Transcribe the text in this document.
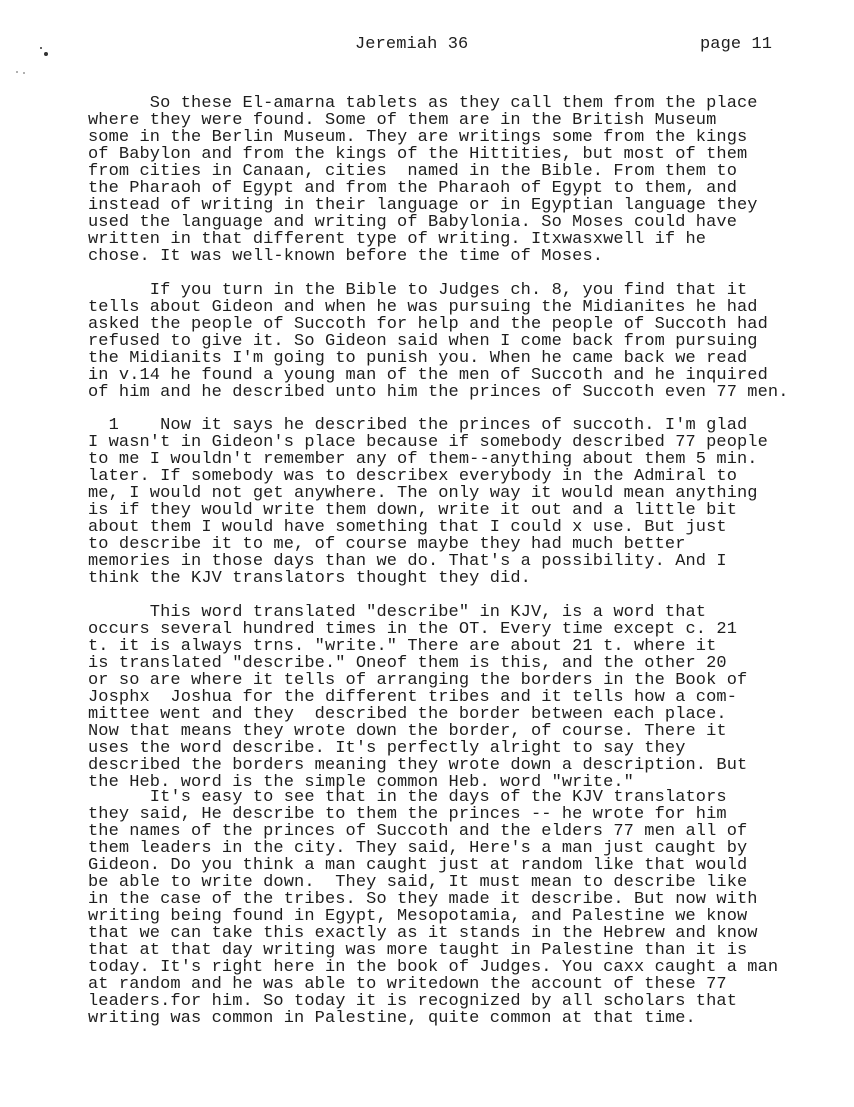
Jeremiah 36	page 11
So these El-amarna tablets as they call them from the place
where they were found. Some of them are in the British Museum
some in the Berlin Museum. They are writings some from the kings
of Babylon and from the kings of the Hittities, but most of them
from cities in Canaan, cities  named in the Bible. From them to
the Pharaoh of Egypt and from the Pharaoh of Egypt to them, and
instead of writing in their language or in Egyptian language they
used the language and writing of Babylonia. So Moses could have
written in that different type of writing. Itxwasxwell if he
chose. It was well-known before the time of Moses.
If you turn in the Bible to Judges ch. 8, you find that it
tells about Gideon and when he was pursuing the Midianites he had
asked the people of Succoth for help and the people of Succoth had
refused to give it. So Gideon said when I come back from pursuing
the Midianits I'm going to punish you. When he came back we read
in v.14 he found a young man of the men of Succoth and he inquired
of him and he described unto him the princes of Succoth even 77 men.
1    Now it says he described the princes of succoth. I'm glad
I wasn't in Gideon's place because if somebody described 77 people
to me I wouldn't remember any of them--anything about them 5 min.
later. If somebody was to describex everybody in the Admiral to
me, I would not get anywhere. The only way it would mean anything
is if they would write them down, write it out and a little bit
about them I would have something that I could x use. But just
to describe it to me, of course maybe they had much better
memories in those days than we do. That's a possibility. And I
think the KJV translators thought they did.
This word translated "describe" in KJV, is a word that
occurs several hundred times in the OT. Every time except c. 21
t. it is always trns. "write." There are about 21 t. where it
is translated "describe." Oneof them is this, and the other 20
or so are where it tells of arranging the borders in the Book of
Josphx  Joshua for the different tribes and it tells how a com-
mittee went and they  described the border between each place.
Now that means they wrote down the border, of course. There it
uses the word describe. It's perfectly alright to say they
described the borders meaning they wrote down a description. But
the Heb. word is the simple common Heb. word "write."
It's easy to see that in the days of the KJV translators
they said, He describe to them the princes -- he wrote for him
the names of the princes of Succoth and the elders 77 men all of
them leaders in the city. They said, Here's a man just caught by
Gideon. Do you think a man caught just at random like that would
be able to write down.  They said, It must mean to describe like
in the case of the tribes. So they made it describe. But now with
writing being found in Egypt, Mesopotamia, and Palestine we know
that we can take this exactly as it stands in the Hebrew and know
that at that day writing was more taught in Palestine than it is
today. It's right here in the book of Judges. You caxx caught a man
at random and he was able to writedown the account of these 77
leaders.for him. So today it is recognized by all scholars that
writing was common in Palestine, quite common at that time.
